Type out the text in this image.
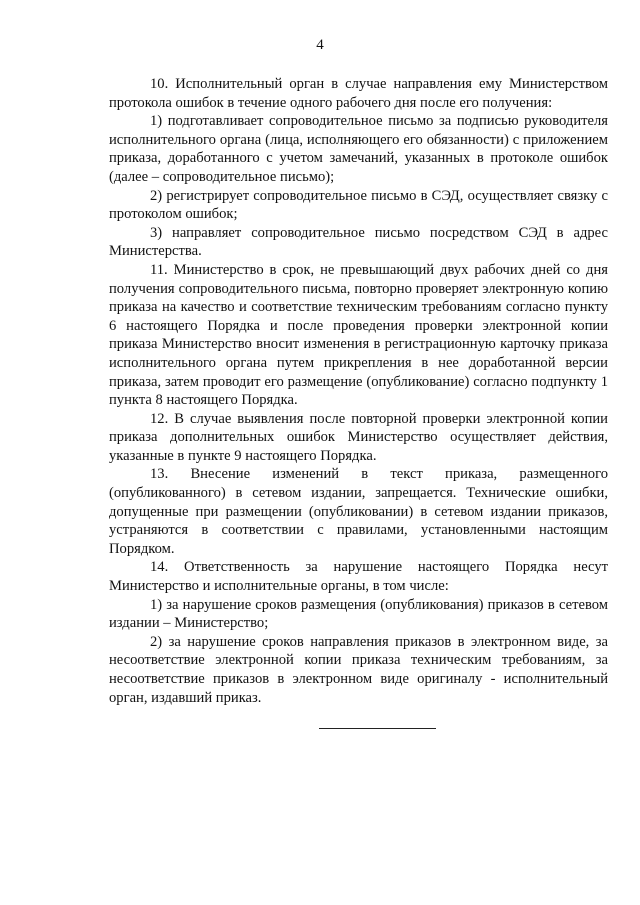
4

10. Исполнительный орган в случае направления ему Министерством протокола ошибок в течение одного рабочего дня после его получения:

1) подготавливает сопроводительное письмо за подписью руководителя исполнительного органа (лица, исполняющего его обязанности) с приложением приказа, доработанного с учетом замечаний, указанных в протоколе ошибок (далее – сопроводительное письмо);

2) регистрирует сопроводительное письмо в СЭД, осуществляет связку с протоколом ошибок;

3) направляет сопроводительное письмо посредством СЭД в адрес Министерства.

11. Министерство в срок, не превышающий двух рабочих дней со дня получения сопроводительного письма, повторно проверяет электронную копию приказа на качество и соответствие техническим требованиям согласно пункту 6 настоящего Порядка и после проведения проверки электронной копии приказа Министерство вносит изменения в регистрационную карточку приказа исполнительного органа путем прикрепления в нее доработанной версии приказа, затем проводит его размещение (опубликование) согласно подпункту 1 пункта 8 настоящего Порядка.

12. В случае выявления после повторной проверки электронной копии приказа дополнительных ошибок Министерство осуществляет действия, указанные в пункте 9 настоящего Порядка.

13. Внесение изменений в текст приказа, размещенного (опубликованного) в сетевом издании, запрещается. Технические ошибки, допущенные при размещении (опубликовании) в сетевом издании приказов, устраняются в соответствии с правилами, установленными настоящим Порядком.

14. Ответственность за нарушение настоящего Порядка несут Министерство и исполнительные органы, в том числе:

1) за нарушение сроков размещения (опубликования) приказов в сетевом издании – Министерство;

2) за нарушение сроков направления приказов в электронном виде, за несоответствие электронной копии приказа техническим требованиям, за несоответствие приказов в электронном виде оригиналу - исполнительный орган, издавший приказ.
